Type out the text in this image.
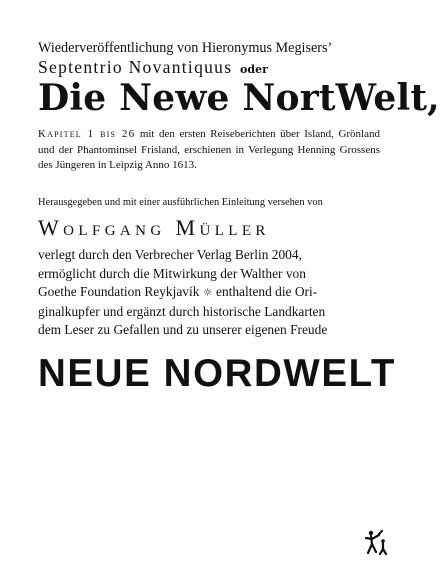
Wiederveröffentlichung von Hieronymus Megisers’
Septentrio Novantiquus oder
Die Newe NortWelt,
Kapitel 1 bis 26 mit den ersten Reiseberichten über Island, Grönland und der Phantominsel Frisland, erschienen in Verlegung Henning Grossens des Jüngeren in Leipzig Anno 1613.
Herausgegeben und mit einer ausführlichen Einleitung versehen von
Wolfgang Müller
verlegt durch den Verbrecher Verlag Berlin 2004,
ermöglicht durch die Mitwirkung der Walther von
Goethe Foundation Reykjavík ☼ enthaltend die Ori-
ginalkupfer und ergänzt durch historische Landkarten
dem Leser zu Gefallen und zu unserer eigenen Freude
NEUE NORDWELT
